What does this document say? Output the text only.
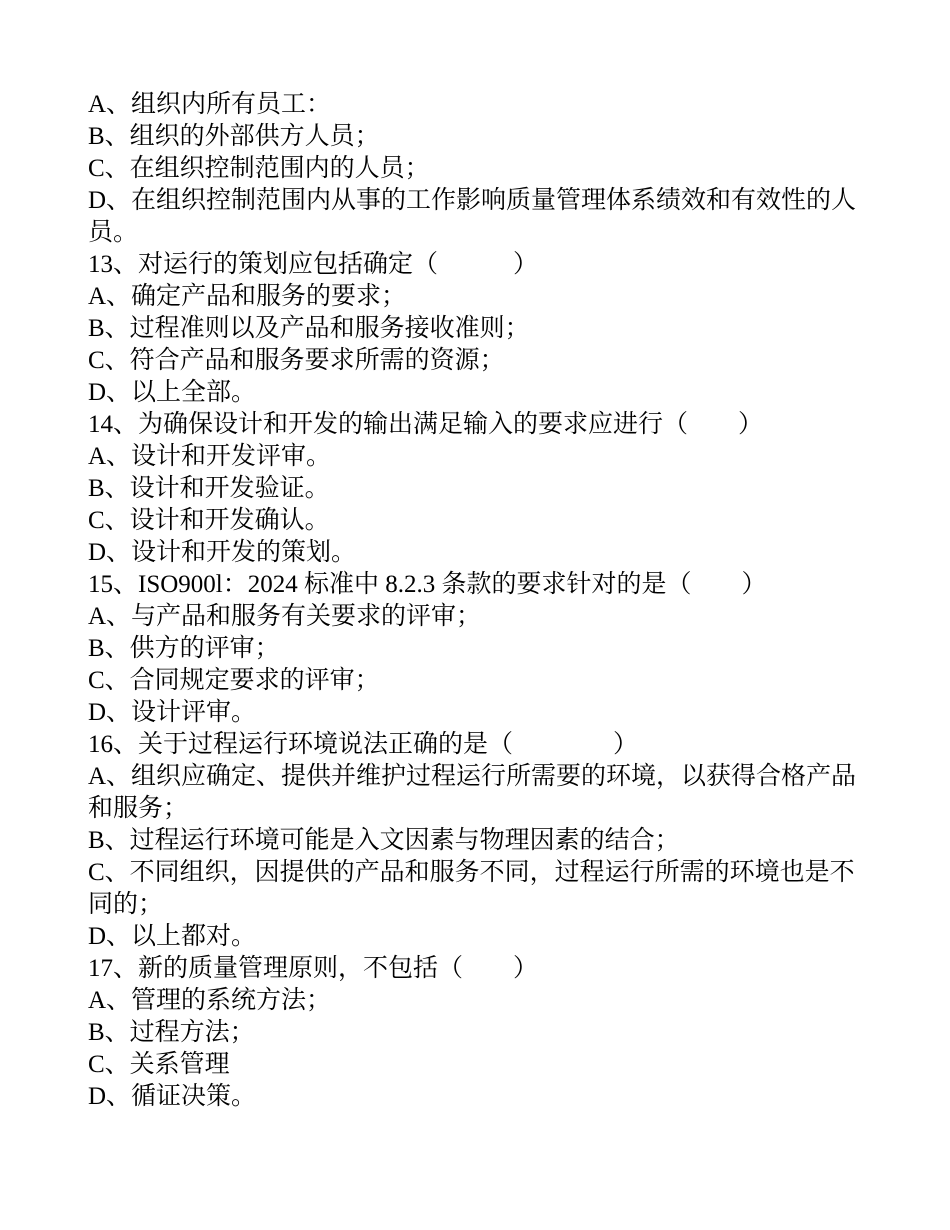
A、组织内所有员工：

B、组织的外部供方人员；

C、在组织控制范围内的人员；

D、在组织控制范围内从事的工作影响质量管理体系绩效和有效性的人员。

13、对运行的策划应包括确定（　　　）

A、确定产品和服务的要求；

B、过程准则以及产品和服务接收准则；

C、符合产品和服务要求所需的资源；

D、以上全部。

14、为确保设计和开发的输出满足输入的要求应进行（　　）

A、设计和开发评审。

B、设计和开发验证。

C、设计和开发确认。

D、设计和开发的策划。

15、ISO900l：2024 标准中 8.2.3 条款的要求针对的是（　　）

A、与产品和服务有关要求的评审；

B、供方的评审；

C、合同规定要求的评审；

D、设计评审。

16、关于过程运行环境说法正确的是（　　　　）

A、组织应确定、提供并维护过程运行所需要的环境，以获得合格产品和服务；

B、过程运行环境可能是入文因素与物理因素的结合；

C、不同组织，因提供的产品和服务不同，过程运行所需的环境也是不同的；

D、以上都对。

17、新的质量管理原则，不包括（　　）

A、管理的系统方法；

B、过程方法；

C、关系管理

D、循证决策。
